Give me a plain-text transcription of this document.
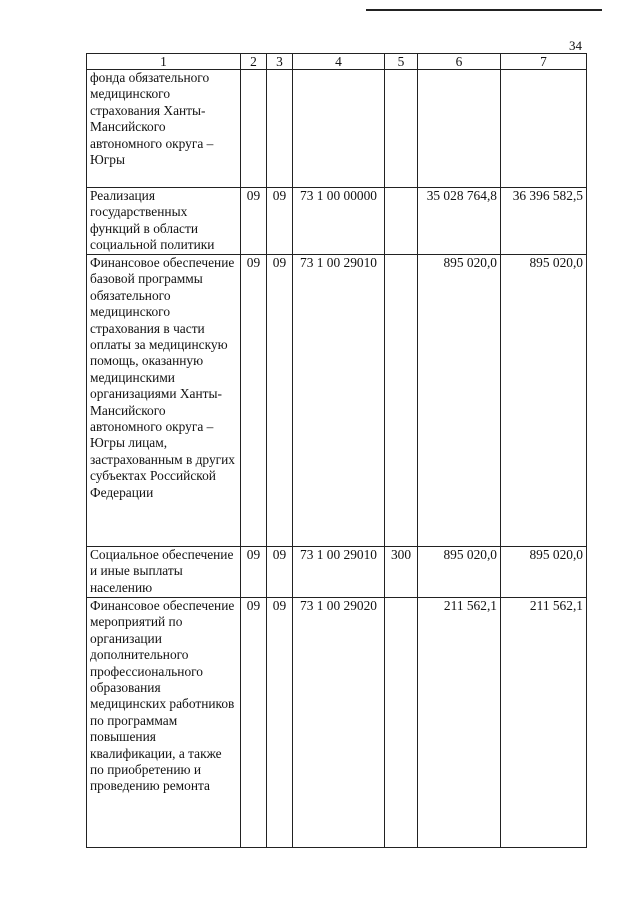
34
1	2	3	4	5	6	7
фонда обязательного медицинского страхования Ханты-Мансийского автономного округа – Югры						
Реализация государственных функций в области социальной политики	09	09	73 1 00 00000		35 028 764,8	36 396 582,5
Финансовое обеспечение базовой программы обязательного медицинского страхования в части оплаты за медицинскую помощь, оказанную медицинскими организациями Ханты-Мансийского автономного округа – Югры лицам, застрахованным в других субъектах Российской Федерации	09	09	73 1 00 29010		895 020,0	895 020,0
Социальное обеспечение и иные выплаты населению	09	09	73 1 00 29010	300	895 020,0	895 020,0
Финансовое обеспечение мероприятий по организации дополнительного профессионального образования медицинских работников по программам повышения квалификации, а также по приобретению и проведению ремонта	09	09	73 1 00 29020		211 562,1	211 562,1
